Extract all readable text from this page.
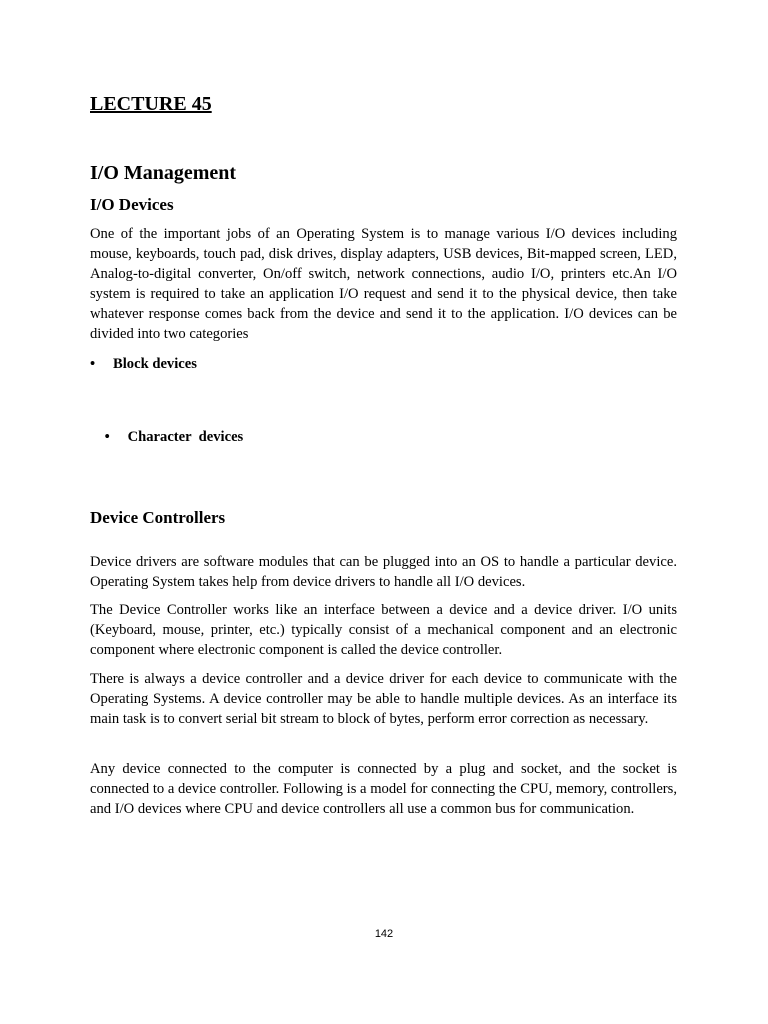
LECTURE 45
I/O Management
I/O Devices

One of the important jobs of an Operating System is to manage various I/O devices including mouse, keyboards, touch pad, disk drives, display adapters, USB devices, Bit-mapped screen, LED, Analog-to-digital converter, On/off switch, network connections, audio I/O, printers etc.An I/O system is required to take an application I/O request and send it to the physical device, then take whatever response comes back from the device and send it to the application. I/O devices can be divided into two categories

• Block devices

• Character  devices

Device Controllers

Device drivers are software modules that can be plugged into an OS to handle a particular device. Operating System takes help from device drivers to handle all I/O devices.

The Device Controller works like an interface between a device and a device driver. I/O units (Keyboard, mouse, printer, etc.) typically consist of a mechanical component and an electronic component where electronic component is called the device controller.

There is always a device controller and a device driver for each device to communicate with the Operating Systems. A device controller may be able to handle multiple devices. As an interface its main task is to convert serial bit stream to block of bytes, perform error correction as necessary.

Any device connected to the computer is connected by a plug and socket, and the socket is connected to a device controller. Following is a model for connecting the CPU, memory, controllers, and I/O devices where CPU and device controllers all use a common bus for communication.

142
